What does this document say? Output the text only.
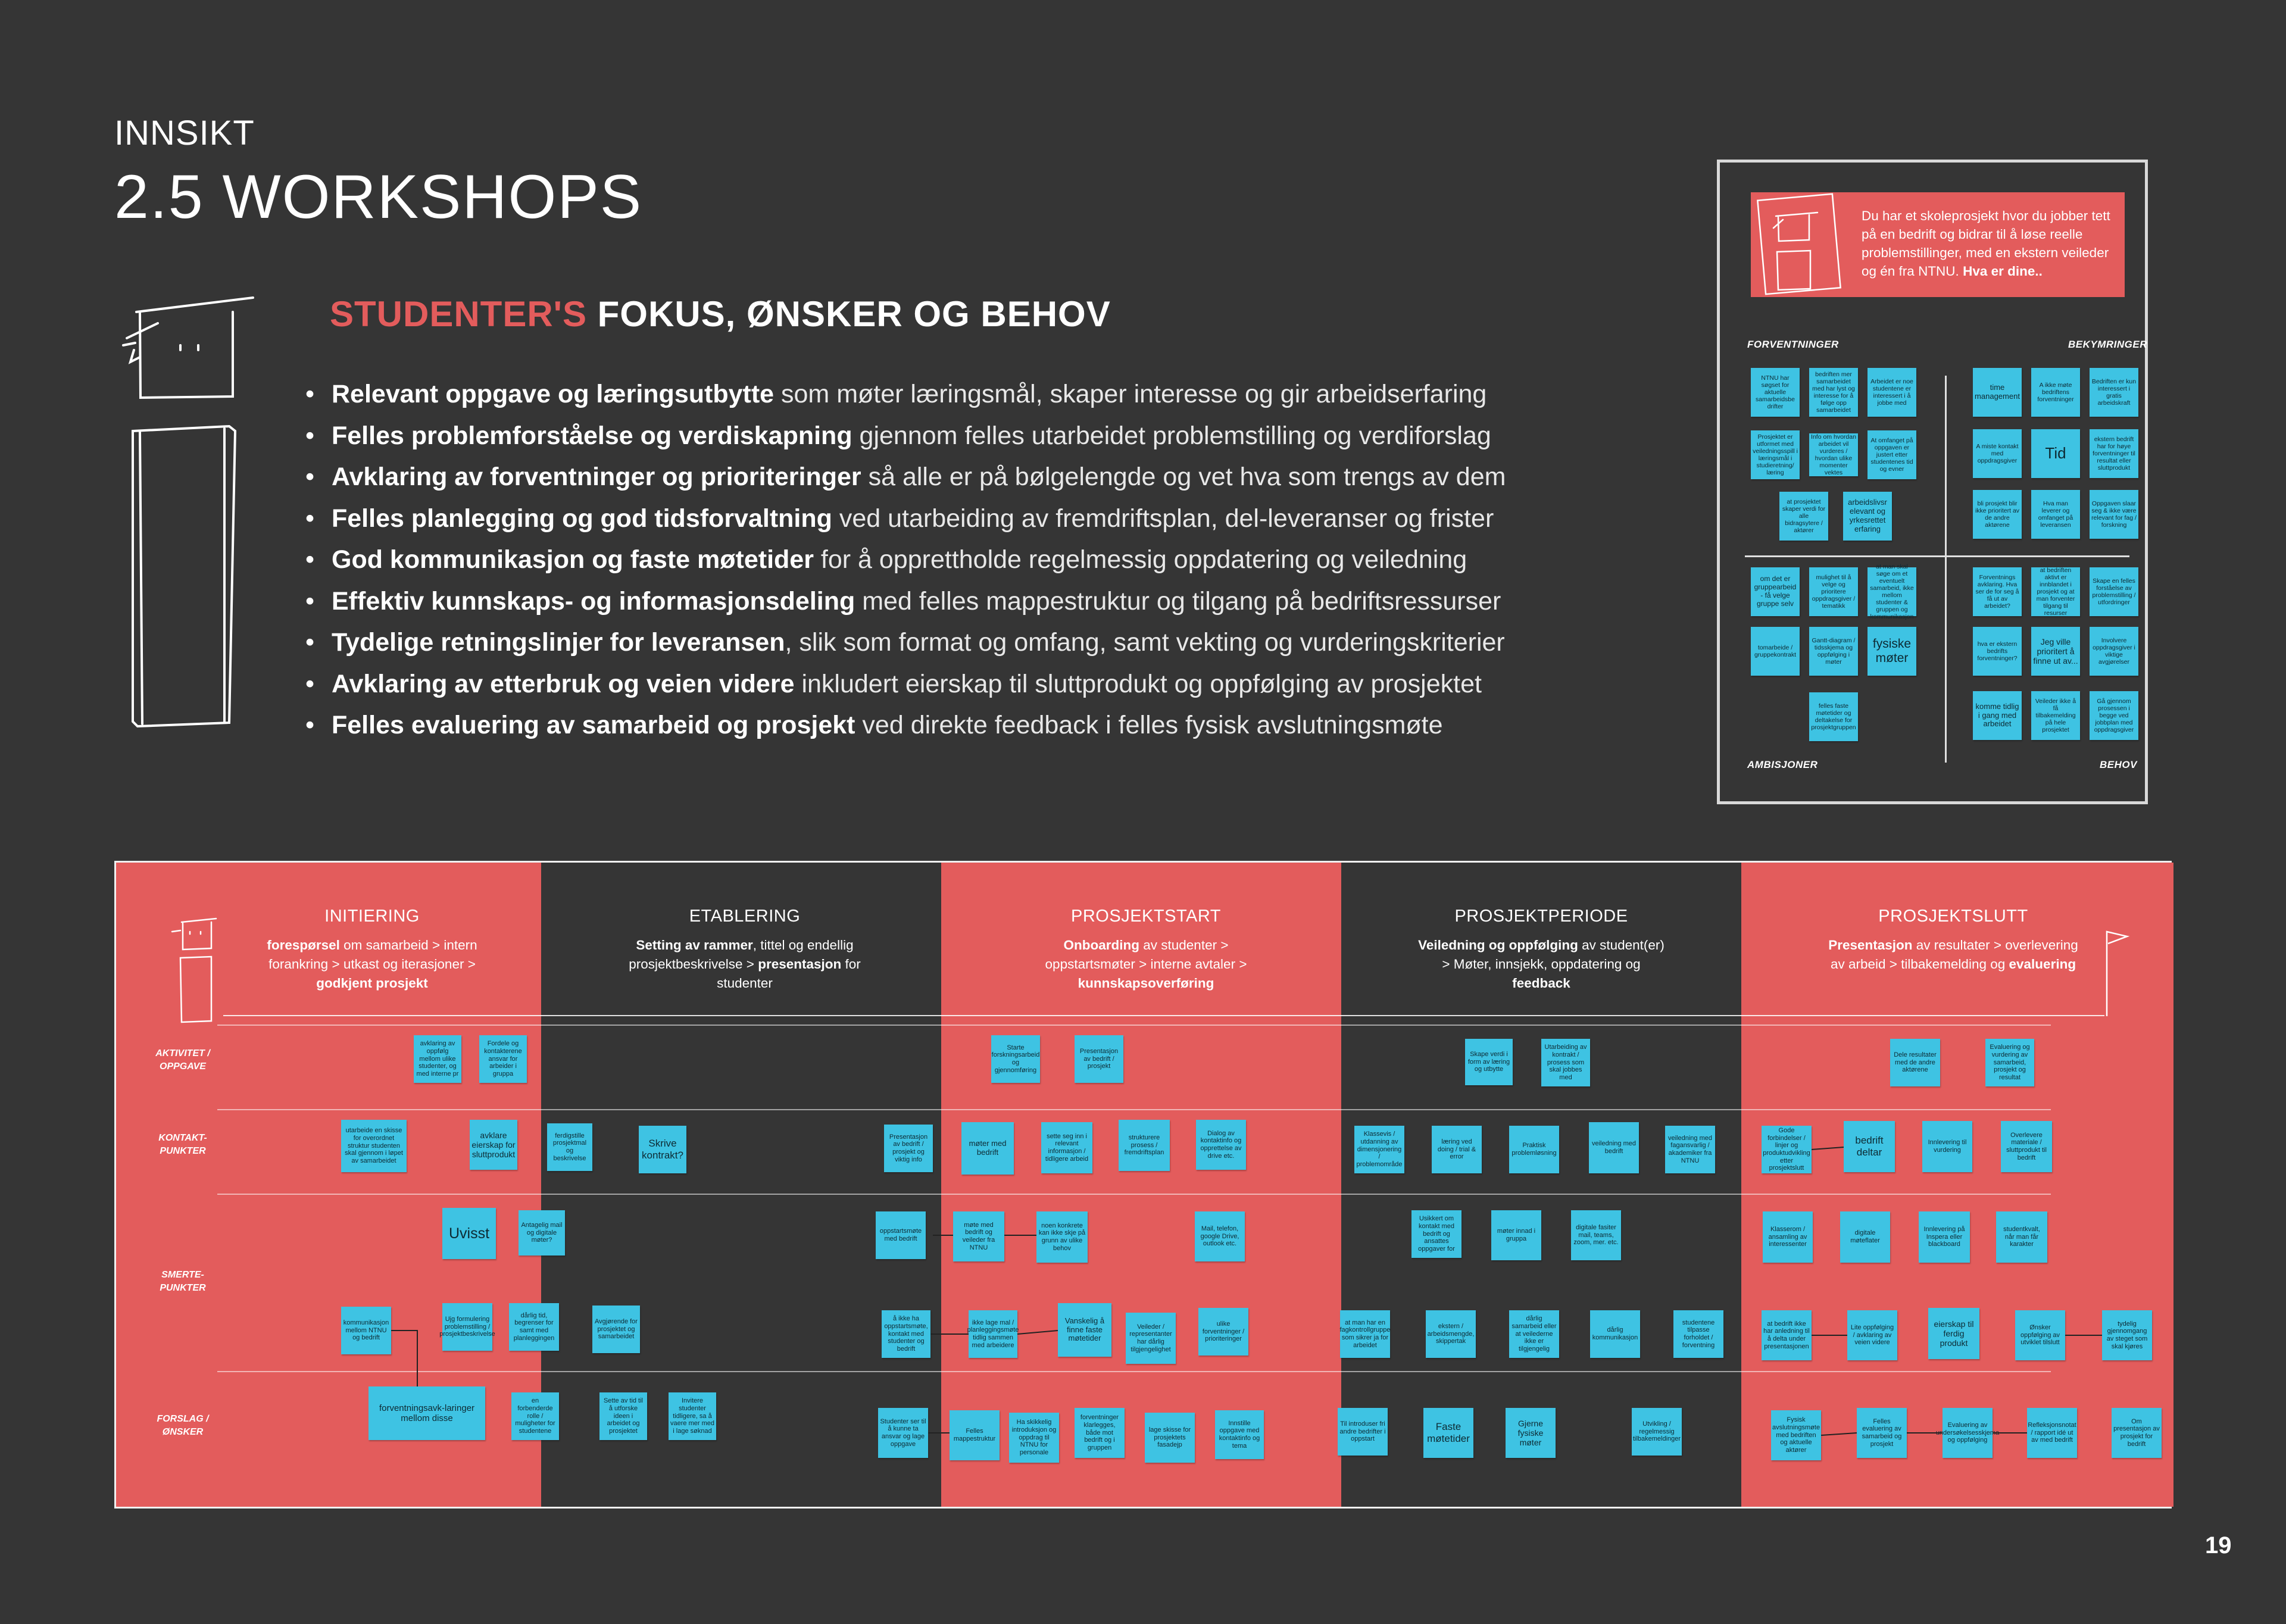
INNSIKT
2.5 WORKSHOPS
STUDENTER'S FOKUS, ØNSKER OG BEHOV
• Relevant oppgave og læringsutbytte som møter læringsmål, skaper interesse og gir arbeidserfaring
• Felles problemforståelse og verdiskapning gjennom felles utarbeidet problemstilling og verdiforslag
• Avklaring av forventninger og prioriteringer så alle er på bølgelengde og vet hva som trengs av dem
• Felles planlegging og god tidsforvaltning ved utarbeiding av fremdriftsplan, del-leveranser og frister
• God kommunikasjon og faste møtetider for å opprettholde regelmessig oppdatering og veiledning
• Effektiv kunnskaps- og informasjonsdeling med felles mappestruktur og tilgang på bedriftsressurser
• Tydelige retningslinjer for leveransen, slik som format og omfang, samt vekting og vurderingskriterier
• Avklaring av etterbruk og veien videre inkludert eierskap til sluttprodukt og oppfølging av prosjektet
• Felles evaluering av samarbeid og prosjekt ved direkte feedback i felles fysisk avslutningsmøte
Du har et skoleprosjekt hvor du jobber tett på en bedrift og bidrar til å løse reelle problemstillinger, med en ekstern veileder og én fra NTNU. Hva er dine..
FORVENTNINGER	BEKYMRINGER
AMBISJONER	BEHOV
NTNU har søgset for aktuelle samarbeidsbe drifter
bedriften mer samarbeidet med har lyst og interesse for å følge opp samarbeidet
Arbeidet er noe studentene er interessert i å jobbe med
Prosjektet er utformet med veiledningsspill i læringsmål i studieretning/ læring
Info om hvordan arbeidet vil vurderes / hvordan ulike momenter vektes
At omfanget på oppgaven er justert etter studentenes tid og evner
at prosjektet skaper verdi for alle bidragsytere / aktører
arbeidslivsr elevant og yrkesrettet erfaring
time management
A ikke møte bedriftens forventninger
Bedriften er kun interessert i gratis arbeidskraft
A miste kontakt med oppdragsgiver	Tid
ekstern bedrift har for høye forventninger til resultat eller sluttprodukt
bli prosjekt blir ikke prioritert av de andre aktørene
Hva man leverer og omfanget på leveransen
Oppgaven slaar seg & ikke være relevant for fag / forskning
om det er gruppearbeid - få velge gruppe selv
mulighet til å velge og prioritere oppdragsgiver / tematikk
at man skal søge om et eventuelt samarbeid, ikke mellom studenter & gruppen og kommunikasjon
tomarbeide / gruppekontrakt
Gantt-diagram / tidsskjema og oppfølging i møter
fysiske møter
felles faste møtetider og deltakelse for prosjektgruppen
Forventnings avklaring. Hva ser de for seg å få ut av arbeidet?
at bedriften aktivt er innblandet i prosjekt og at man forventer tilgang til resurser
Skape en felles forståelse av problemstilling / utfordringer
hva er ekstern bedrifts forventninger?
Jeg ville prioritert å finne ut av...
Involvere oppdragsgiver i viktige avgjørelser
komme tidlig i gang med arbeidet
Veileder ikke å få tilbakemelding på hele prosjektet
Gå gjennom prosessen i begge ved jobbplan med oppdragsgiver
INITIERING
forespørsel om samarbeid > intern forankring > utkast og iterasjoner > godkjent prosjekt
ETABLERING
Setting av rammer, tittel og endellig prosjektbeskrivelse > presentasjon for studenter
PROSJEKTSTART
Onboarding av studenter > oppstartsmøter > interne avtaler > kunnskapsoverføring
PROSJEKTPERIODE
Veiledning og oppfølging av student(er) > Møter, innsjekk, oppdatering og feedback
PROSJEKTSLUTT
Presentasjon av resultater > overlevering av arbeid > tilbakemelding og evaluering
AKTIVITET / OPPGAVE
KONTAKT-PUNKTER
SMERTE-PUNKTER
FORSLAG / ØNSKER
avklaring av oppfølg mellom ulike studenter, og med interne pr
Fordele og kontakterene ansvar for arbeider i gruppa
utarbeide en skisse for overordnet struktur studenten skal gjennom i løpet av samarbeidet
avklare eierskap for sluttprodukt
ferdigstille prosjektmal og beskrivelse
Skrive kontrakt?
Uvisst	Antagelig mail og digitale møter?
kommunikasjon mellom NTNU og bedrift
Ujg formulering problemstilling / prosjektbeskrivelse
dårlig tid, begrenser for samt med planleggingen
Avgjørende for prosjektet og samarbeidet
forventningsavk-laringer mellom disse
en forbenderde rolle / muligheter for studentene
Sette av tid til å utforske ideen i arbeidet og prosjektet
Invitere studenter tidligere, sa å vaere mer med i lage søknad
Starte forskningsarbeid og gjennomføring
Presentasjon av bedrift / prosjekt
Presentasjon av bedrift / prosjekt og viktig info
møter med bedrift
sette seg inn i relevant informasjon / tidligere arbeid
strukturere prosess / fremdriftsplan
Dialog av kontaktinfo og opprettelse av drive etc.
oppstartsmøte med bedrift
møte med bedrift og veileder fra NTNU
noen konkrete kan ikke skje på grunn av ulike behov
Mail, telefon, google Drive, outlook etc.
å ikke ha oppstartsmøte, kontakt med studenter og bedrift
ikke lage mal / planleggingsmøte tidlig sammen med arbeidere
Vanskelig å finne faste møtetider
Veileder / representanter har dårlig tilgjengelighet
ulike forventninger / prioriteringer
Studenter ser til å kunne ta ansvar og lage oppgave
Felles mappestruktur
Ha skikkelig introduksjon og oppdrag til NTNU for personale
forventninger klarlegges, både mot bedrift og i gruppen
lage skisse for prosjektets fasadejp
Innstille oppgave med kontaktinfo og tema
Skape verdi i form av læring og utbytte
Utarbeiding av kontrakt / prosess som skal jobbes med
Klassevis / utdanning av dimensjonering / problemområde
læring ved doing / trial & error
Praktisk problemløsning
veiledning med bedrift
veiledning med fagansvarlig / akademiker fra NTNU
Usikkert om kontakt med bedrift og ansattes oppgaver for
møter innad i gruppa
digitale fasiter mail, teams, zoom, mer. etc.
at man har en fagkontrollgruppe som sikrer ja for arbeidet
ekstern / arbeidsmengde, skippertak
dårlig samarbeid eller at veilederne ikke er tilgjengelig
dårlig kommunikasjon
studentene tilpasse forholdet / forventning
Til introduser fri andre bedrifter i oppstart
Faste møtetider
Gjerne fysiske møter
Utvikling / regelmessig tilbakemeldinger
Dele resultater med de andre aktørene
Evaluering og vurdering av samarbeid, prosjekt og resultat
Gode forbindelser / linjer og produktudvikling etter prosjektslutt
bedrift deltar
Innlevering til vurdering
Overlevere materiale / sluttprodukt til bedrift
Klasserom / ansamling av interessenter
digitale møteflater
Innlevering på Inspera eller blackboard
studentkvalt, når man får karakter
at bedrift ikke har anledning til å delta under presentasjonen
Lite oppfølging / avklaring av veien videre
eierskap til ferdig produkt
Ønsker oppfølging av utviklet tilslutt
tydelig gjennomgang av steget som skal kjøres
Fysisk avslutningsmøte med bedriften og aktuelle aktører
Felles evaluering av samarbeid og prosjekt
Evaluering av undersøkelsesskjema og oppfølging
Refleksjonsnotat / rapport idé ut av med bedrift
Om presentasjon av prosjekt for bedrift
19
